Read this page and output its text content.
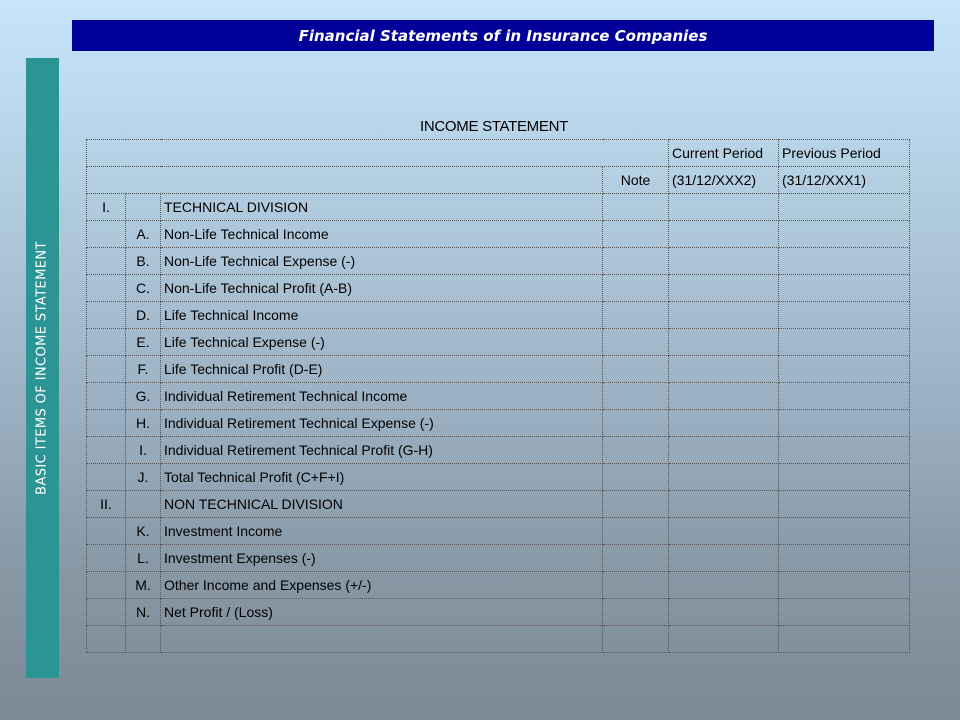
Financial Statements of in Insurance Companies
BASIC ITEMS OF INCOME STATEMENT
INCOME STATEMENT
				Current Period	Previous Period
			Note	(31/12/XXX2)	(31/12/XXX1)
I.		TECHNICAL DIVISION			
	A.	Non-Life Technical Income			
	B.	Non-Life Technical Expense (-)			
	C.	Non-Life Technical Profit (A-B)			
	D.	Life Technical Income			
	E.	Life Technical Expense (-)			
	F.	Life Technical Profit (D-E)			
	G.	Individual Retirement Technical Income			
	H.	Individual Retirement Technical Expense (-)			
	I.	Individual Retirement Technical Profit (G-H)			
	J.	Total Technical Profit (C+F+I)			
II.		NON TECHNICAL DIVISION			
	K.	Investment Income			
	L.	Investment Expenses (-)			
	M.	Other Income and Expenses (+/-)			
	N.	Net Profit / (Loss)			
